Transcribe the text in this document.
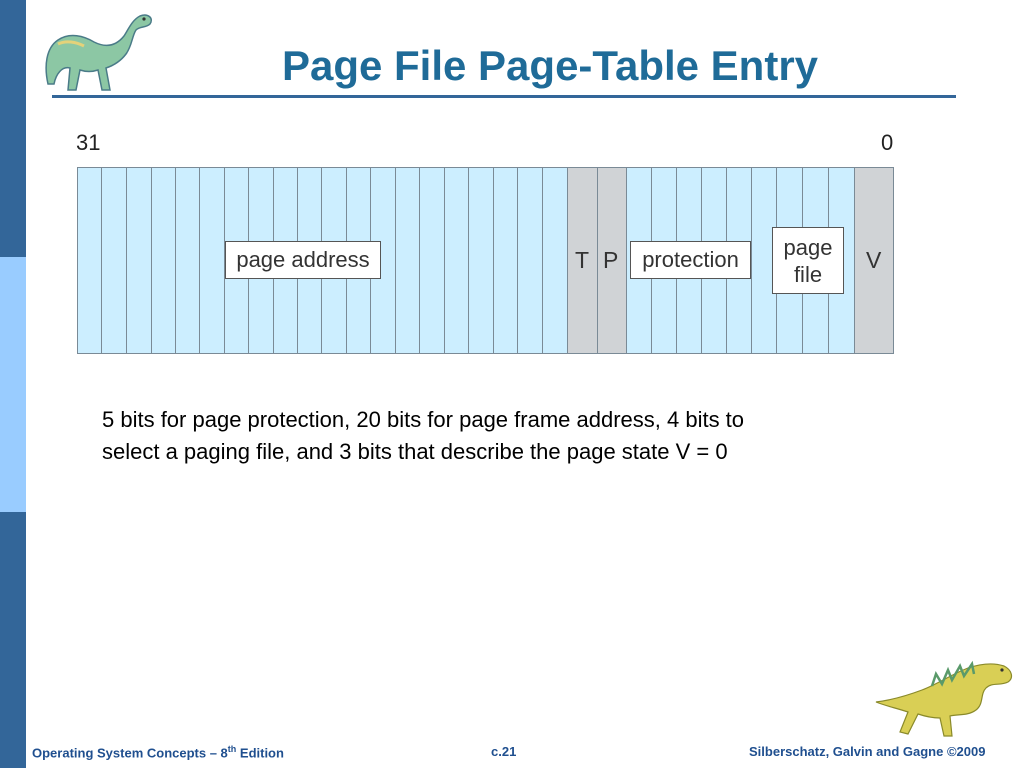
Page File Page-Table Entry
31	0
page address	T P	protection	page
file
V
5 bits for page protection, 20 bits for page frame address, 4 bits to
select a paging file, and 3 bits that describe the page state V = 0
Operating System Concepts – 8th Edition	c.21	Silberschatz, Galvin and Gagne ©2009
